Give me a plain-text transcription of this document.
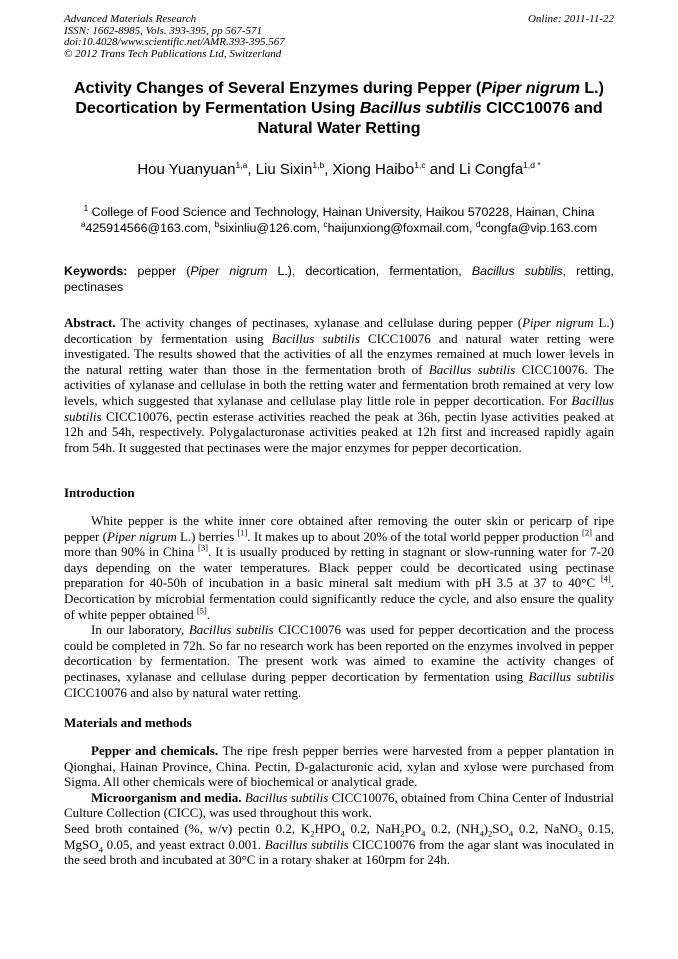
Advanced Materials Research
ISSN: 1662-8985, Vols. 393-395, pp 567-571
doi:10.4028/www.scientific.net/AMR.393-395.567
© 2012 Trans Tech Publications Ltd, Switzerland
Online: 2011-11-22
Activity Changes of Several Enzymes during Pepper (Piper nigrum L.) Decortication by Fermentation Using Bacillus subtilis CICC10076 and Natural Water Retting
Hou Yuanyuan$^{1,a}$, Liu Sixin$^{1,b}$, Xiong Haibo$^{1,c}$ and Li Congfa$^{1,d *}$
$^1$ College of Food Science and Technology, Hainan University, Haikou 570228, Hainan, China
$^a$425914566@163.com, $^b$sixinliu@126.com, $^c$haijunxiong@foxmail.com, $^d$congfa@vip.163.com
Keywords: pepper (Piper nigrum L.), decortication, fermentation, Bacillus subtilis, retting, pectinases

Abstract. The activity changes of pectinases, xylanase and cellulase during pepper (Piper nigrum L.) decortication by fermentation using Bacillus subtilis CICC10076 and natural water retting were investigated. The results showed that the activities of all the enzymes remained at much lower levels in the natural retting water than those in the fermentation broth of Bacillus subtilis CICC10076. The activities of xylanase and cellulase in both the retting water and fermentation broth remained at very low levels, which suggested that xylanase and cellulase play little role in pepper decortication. For Bacillus subtilis CICC10076, pectin esterase activities reached the peak at 36h, pectin lyase activities peaked at 12h and 54h, respectively. Polygalacturonase activities peaked at 12h first and increased rapidly again from 54h. It suggested that pectinases were the major enzymes for pepper decortication.

Introduction

White pepper is the white inner core obtained after removing the outer skin or pericarp of ripe pepper (Piper nigrum L.) berries [1]. It makes up to about 20% of the total world pepper production [2] and more than 90% in China [3]. It is usually produced by retting in stagnant or slow-running water for 7-20 days depending on the water temperatures. Black pepper could be decorticated using pectinase preparation for 40-50h of incubation in a basic mineral salt medium with pH 3.5 at 37 to 40°C [4]. Decortication by microbial fermentation could significantly reduce the cycle, and also ensure the quality of white pepper obtained [5].

In our laboratory, Bacillus subtilis CICC10076 was used for pepper decortication and the process could be completed in 72h. So far no research work has been reported on the enzymes involved in pepper decortication by fermentation. The present work was aimed to examine the activity changes of pectinases, xylanase and cellulase during pepper decortication by fermentation using Bacillus subtilis CICC10076 and also by natural water retting.

Materials and methods

Pepper and chemicals. The ripe fresh pepper berries were harvested from a pepper plantation in Qionghai, Hainan Province, China. Pectin, D-galacturonic acid, xylan and xylose were purchased from Sigma. All other chemicals were of biochemical or analytical grade.

Microorganism and media. Bacillus subtilis CICC10076, obtained from China Center of Industrial Culture Collection (CICC), was used throughout this work.

Seed broth contained (%, w/v) pectin 0.2, $K_2HPO_4$ 0.2, $NaH_2PO_4$ 0.2, $(NH_4)_2SO_4$ 0.2, NaNO$_3$ 0.15, MgSO$_4$ 0.05, and yeast extract 0.001. Bacillus subtilis CICC10076 from the agar slant was inoculated in the seed broth and incubated at 30°C in a rotary shaker at 160rpm for 24h.
